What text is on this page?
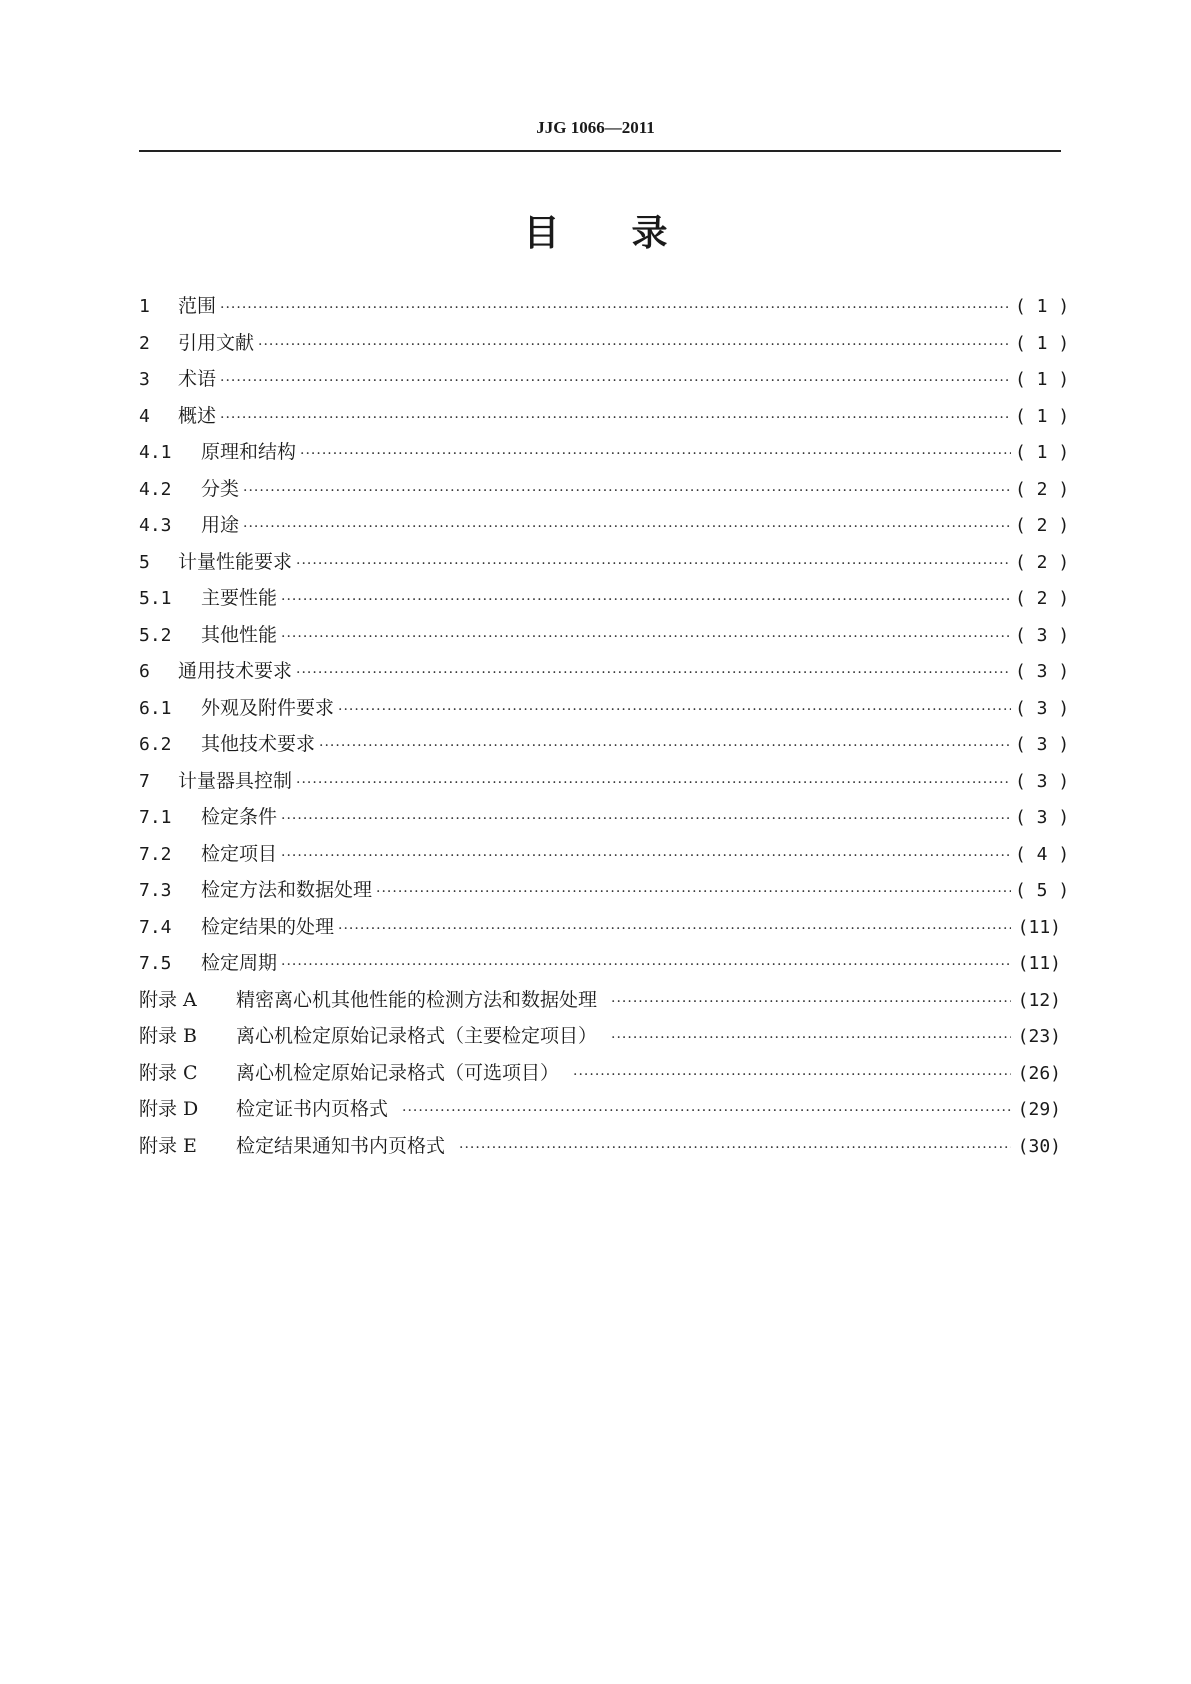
JJG 1066—2011
目录
1	范围 ·····	( 1 )
2	引用文献 ·····	( 1 )
3	术语 ·····	( 1 )
4	概述 ·····	( 1 )
4.1	原理和结构 ·····	( 1 )
4.2	分类 ·····	( 2 )
4.3	用途 ·····	( 2 )
5	计量性能要求 ·····	( 2 )
5.1	主要性能 ·····	( 2 )
5.2	其他性能 ·····	( 3 )
6	通用技术要求 ·····	( 3 )
6.1	外观及附件要求 ·····	( 3 )
6.2	其他技术要求 ·····	( 3 )
7	计量器具控制 ·····	( 3 )
7.1	检定条件 ·····	( 3 )
7.2	检定项目 ·····	( 4 )
7.3	检定方法和数据处理 ·····	( 5 )
7.4	检定结果的处理 ·····	(11)
7.5	检定周期 ·····	(11)
附录 A	精密离心机其他性能的检测方法和数据处理 ·····	(12)
附录 B	离心机检定原始记录格式（主要检定项目） ·····	(23)
附录 C	离心机检定原始记录格式（可选项目） ·····	(26)
附录 D	检定证书内页格式 ·····	(29)
附录 E	检定结果通知书内页格式 ·····	(30)
